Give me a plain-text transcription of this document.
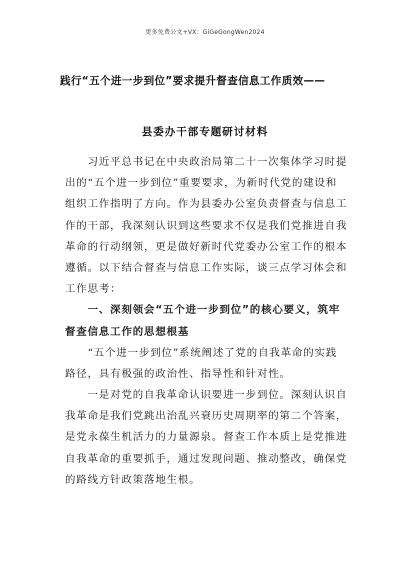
更多免费公文+VX：GiGeGongWen2024
践行“五个进一步到位”要求提升督查信息工作质效——
县委办干部专题研讨材料
　　习近平总书记在中央政治局第二十一次集体学习时提
出的“五个进一步到位”重要要求，为新时代党的建设和
组织工作指明了方向。作为县委办公室负责督查与信息工
作的干部，我深刻认识到这些要求不仅是我们党推进自我
革命的行动纲领，更是做好新时代党委办公室工作的根本
遵循。以下结合督查与信息工作实际，谈三点学习体会和
工作思考：
　　一、深刻领会“五个进一步到位”的核心要义，筑牢
督查信息工作的思想根基
　　“五个进一步到位”系统阐述了党的自我革命的实践
路径，具有极强的政治性、指导性和针对性。
　　一是对党的自我革命认识要进一步到位。深刻认识自
我革命是我们党跳出治乱兴衰历史周期率的第二个答案，
是党永葆生机活力的力量源泉。督查工作本质上是党推进
自我革命的重要抓手，通过发现问题、推动整改，确保党
的路线方针政策落地生根。
